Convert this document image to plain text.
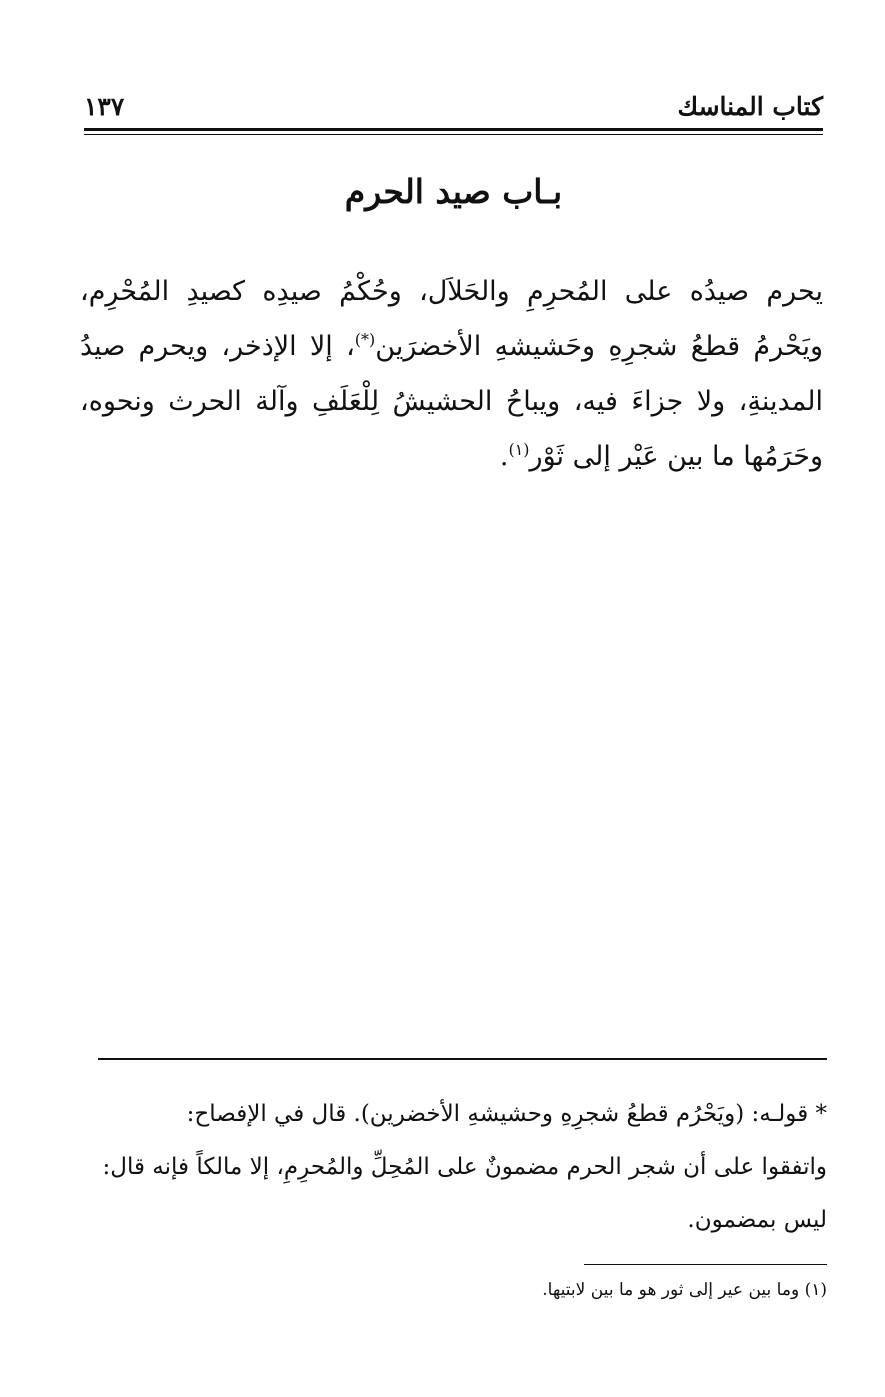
كتاب المناسك
١٣٧
بـاب صيد الحرم

يحرم صيدُه على المُحرِمِ والحَلاَل، وحُكْمُ صيدِه كصيدِ المُحْرِم، ويَحْرمُ قطعُ شجرِهِ وحَشيشهِ الأخضرَين(*)، إلا الإذخر، ويحرم صيدُ المدينةِ، ولا جزاءَ فيه، ويباحُ الحشيشُ لِلْعَلَفِ وآلة الحرث ونحوه، وحَرَمُها ما بين عَيْر إلى ثَوْر$^{(١)}$.

* قولـه: (ويَحْرُم قطعُ شجرِهِ وحشيشهِ الأخضرين). قال في الإفصاح:

واتفقوا على أن شجر الحرم مضمونٌ على المُحِلِّ والمُحرِمِ، إلا مالكاً فإنه قال:

ليس بمضمون.

(١) وما بين عير إلى ثور هو ما بين لابتيها.
